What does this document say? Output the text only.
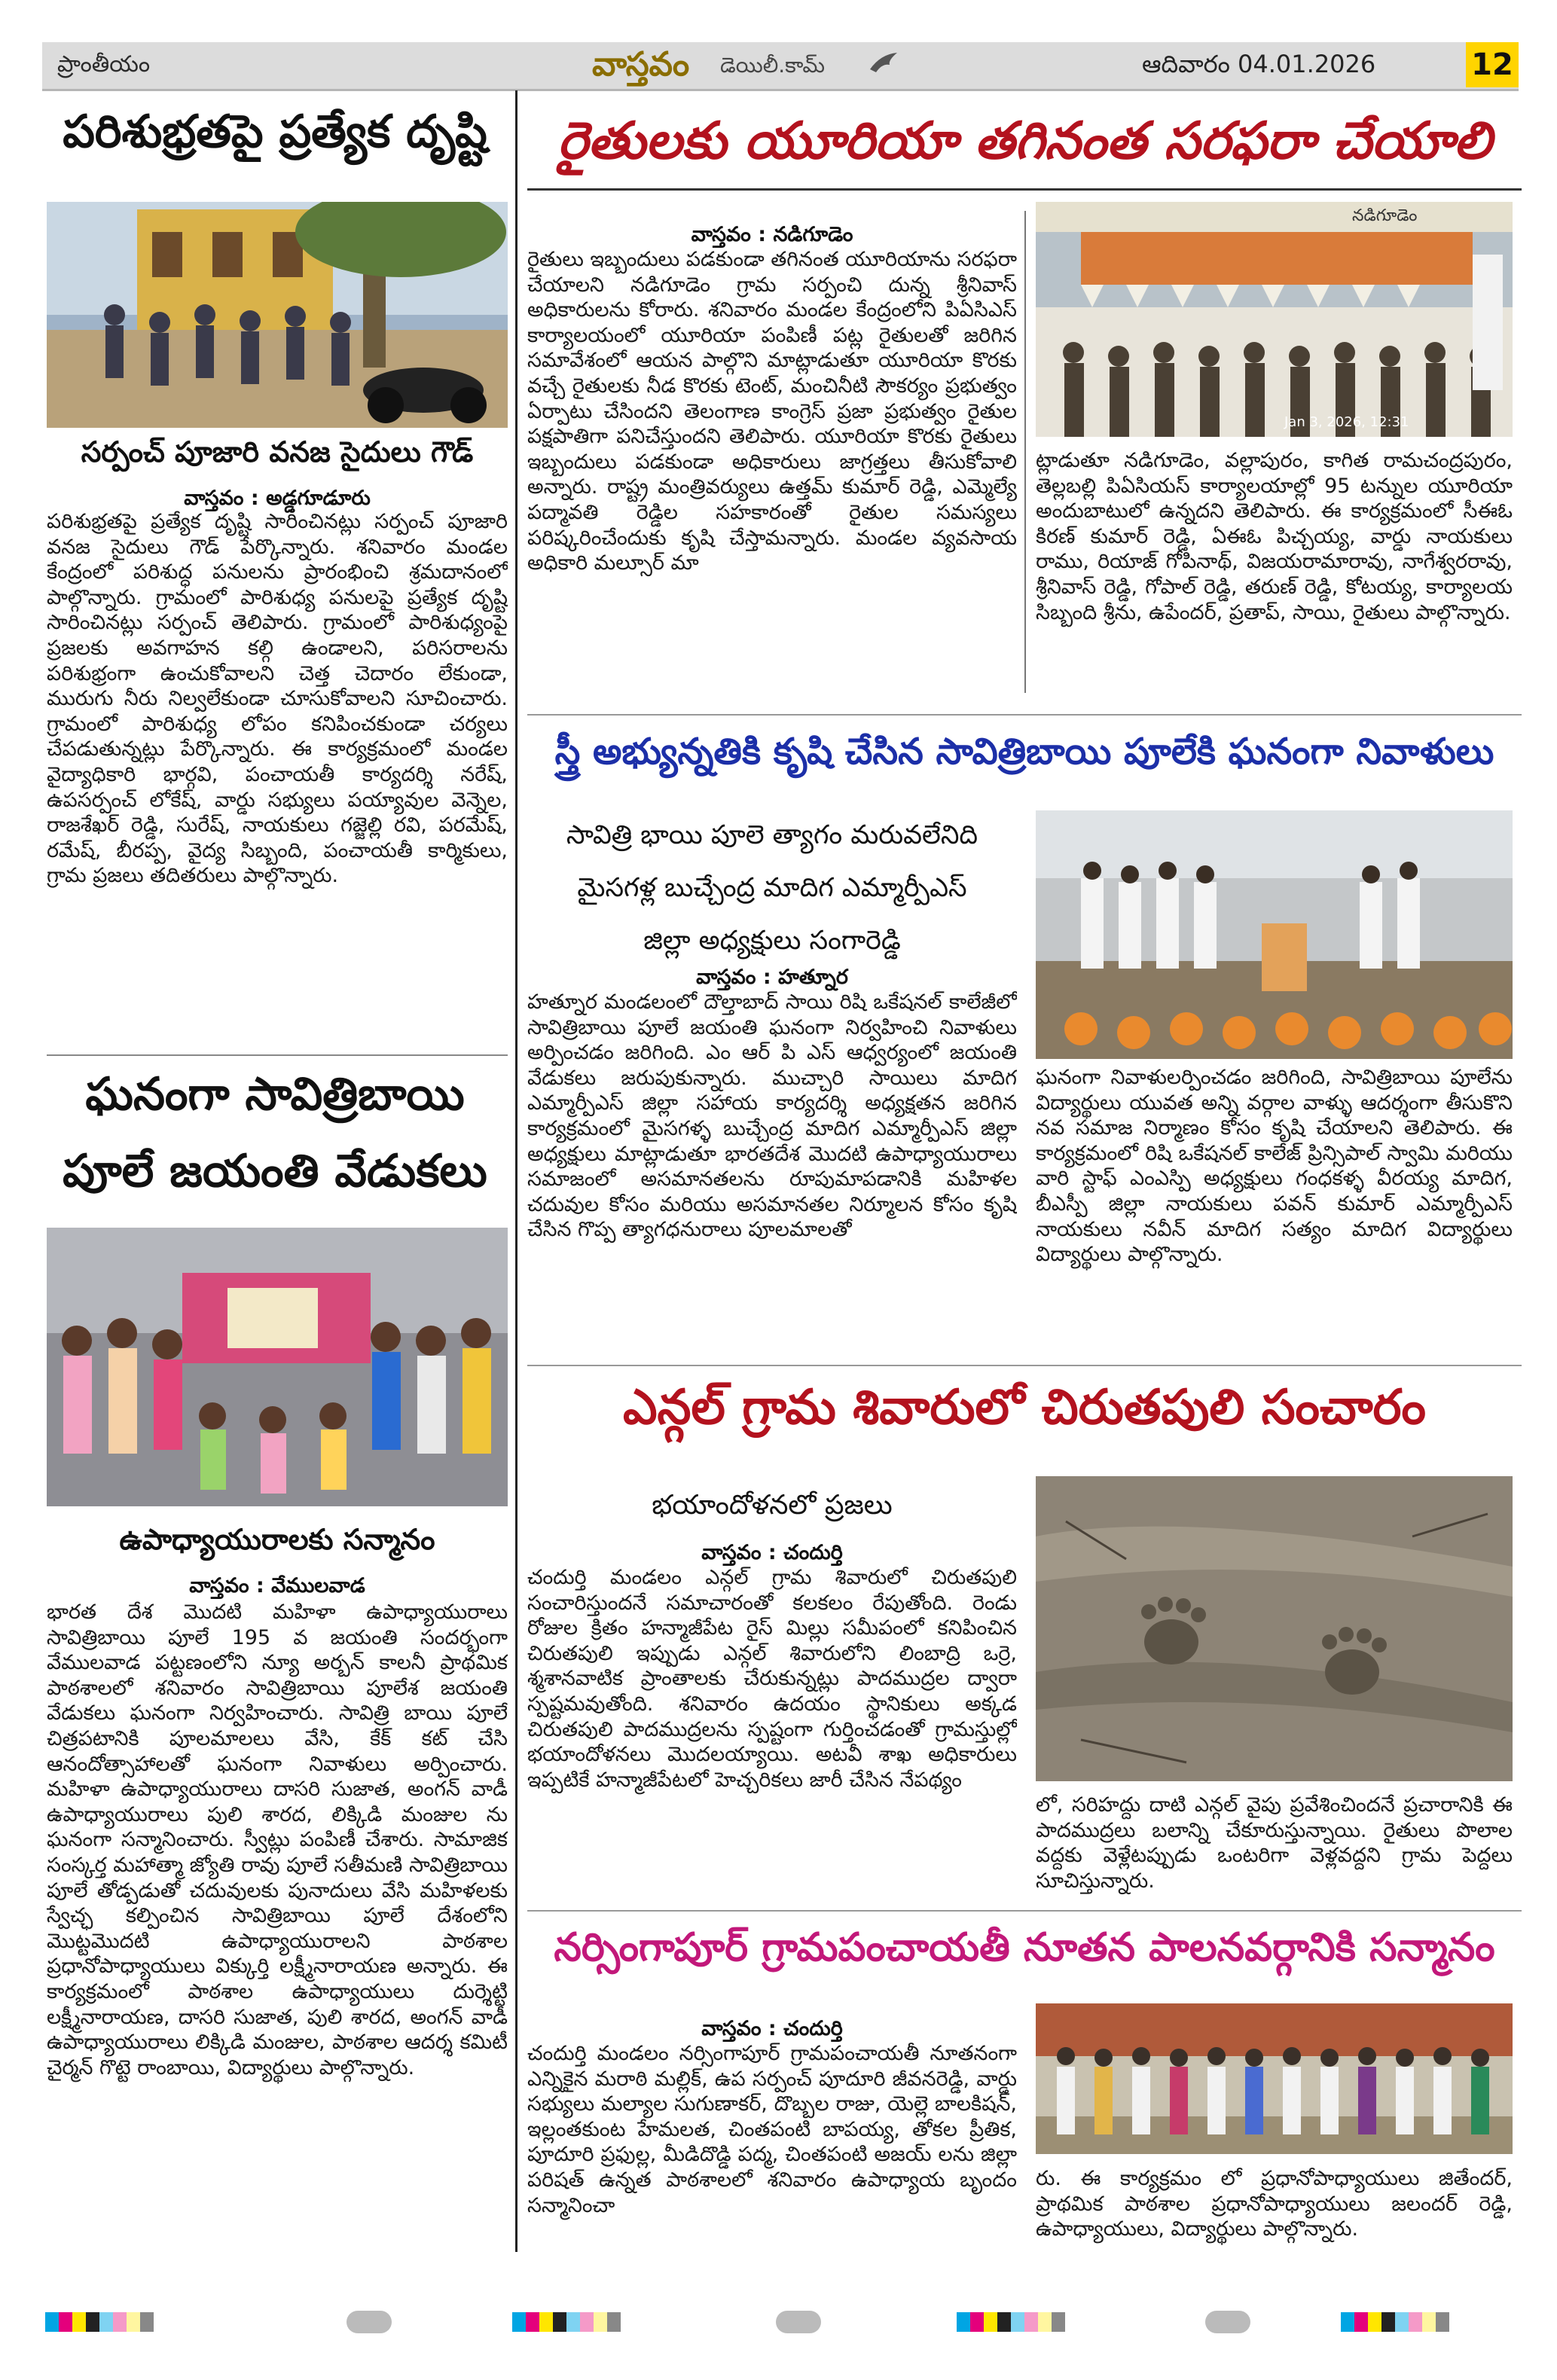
ప్రాంతీయం	వాస్తవం డెయిలీ.కామ్	ఆదివారం 04.01.2026	12
పరిశుభ్రతపై ప్రత్యేక దృష్టి
సర్పంచ్ పూజారి వనజ సైదులు గౌడ్
వాస్తవం : అడ్డగూడూరు
పరిశుభ్రతపై ప్రత్యేక దృష్టి సారించినట్లు సర్పంచ్ పూజారి వనజ సైదులు గౌడ్ పేర్కొన్నారు. శనివారం మండల కేంద్రంలో పరిశుద్ధ పనులను ప్రారంభించి శ్రమదానంలో పాల్గొన్నారు. గ్రామంలో పారిశుధ్య పనులపై ప్రత్యేక దృష్టి సారించినట్లు సర్పంచ్ తెలిపారు. గ్రామంలో పారిశుధ్యంపై ప్రజలకు అవగాహన కల్గి ఉండాలని, పరిసరాలను పరిశుభ్రంగా ఉంచుకోవాలని చెత్త చెదారం లేకుండా, మురుగు నీరు నిల్వలేకుండా చూసుకోవాలని సూచించారు. గ్రామంలో పారిశుధ్య లోపం కనిపించకుండా చర్యలు చేపడుతున్నట్లు పేర్కొన్నారు. ఈ కార్యక్రమంలో మండల వైద్యాధికారి భార్గవి, పంచాయతీ కార్యదర్శి నరేష్, ఉపసర్పంచ్ లోకేష్, వార్డు సభ్యులు పయ్యావుల వెన్నెల, రాజశేఖర్ రెడ్డి, సురేష్, నాయకులు గజ్జెల్లి రవి, పరమేష్, రమేష్, బీరప్ప, వైద్య సిబ్బంది, పంచాయతీ కార్మికులు, గ్రామ ప్రజలు తదితరులు పాల్గొన్నారు.
ఘనంగా సావిత్రిబాయి
పూలే జయంతి వేడుకలు
ఉపాధ్యాయురాలకు సన్మానం
వాస్తవం : వేములవాడ
భారత దేశ మొదటి మహిళా ఉపాధ్యాయురాలు సావిత్రిబాయి పూలే 195 వ జయంతి సందర్భంగా వేములవాడ పట్టణంలోని న్యూ అర్బన్ కాలనీ ప్రాథమిక పాఠశాలలో శనివారం సావిత్రిబాయి పూలేశ జయంతి వేడుకలు ఘనంగా నిర్వహించారు. సావిత్రి బాయి పూలే చిత్రపటానికి పూలమాలలు వేసి, కేక్ కట్ చేసి ఆనందోత్సాహాలతో ఘనంగా నివాళులు అర్పించారు. మహిళా ఉపాధ్యాయురాలు దాసరి సుజాత, అంగన్ వాడీ ఉపాధ్యాయురాలు పులి శారద, లిక్కిడి మంజుల ను ఘనంగా సన్మానించారు. స్వీట్లు పంపిణీ చేశారు. సామాజిక సంస్కర్త మహాత్మా జ్యోతి రావు పూలే సతీమణి సావిత్రిబాయి పూలే తోడ్పడుతో చదువులకు పునాదులు వేసి మహిళలకు స్వేచ్ఛ కల్పించిన సావిత్రిబాయి పూలే దేశంలోని మొట్టమొదటి ఉపాధ్యాయురాలని పాఠశాల ప్రధానోపాధ్యాయులు విక్కుర్తి లక్ష్మీనారాయణ అన్నారు. ఈ కార్యక్రమంలో పాఠశాల ఉపాధ్యాయులు దుర్శెట్టి లక్ష్మీనారాయణ, దాసరి సుజాత, పులి శారద, అంగన్ వాడీ ఉపాధ్యాయురాలు లిక్కిడి మంజుల, పాఠశాల ఆదర్శ కమిటీ చైర్మన్ గొట్టె రాంబాయి, విద్యార్థులు పాల్గొన్నారు.
రైతులకు యూరియా తగినంత సరఫరా చేయాలి
వాస్తవం : నడిగూడెం
రైతులు ఇబ్బందులు పడకుండా తగినంత యూరియాను సరఫరా చేయాలని నడిగూడెం గ్రామ సర్పంచి దున్న శ్రీనివాస్ అధికారులను కోరారు. శనివారం మండల కేంద్రంలోని పిఏసిఎస్ కార్యాలయంలో యూరియా పంపిణీ పట్ల రైతులతో జరిగిన సమావేశంలో ఆయన పాల్గొని మాట్లాడుతూ యూరియా కొరకు వచ్చే రైతులకు నీడ కొరకు టెంట్, మంచినీటి సౌకర్యం ప్రభుత్వం ఏర్పాటు చేసిందని తెలంగాణ కాంగ్రెస్ ప్రజా ప్రభుత్వం రైతుల పక్షపాతిగా పనిచేస్తుందని తెలిపారు. యూరియా కొరకు రైతులు ఇబ్బందులు పడకుండా అధికారులు జాగ్రత్తలు తీసుకోవాలి అన్నారు. రాష్ట్ర మంత్రివర్యులు ఉత్తమ్ కుమార్ రెడ్డి, ఎమ్మెల్యే పద్మావతి రెడ్డిల సహకారంతో రైతుల సమస్యలు పరిష్కరించేందుకు కృషి చేస్తామన్నారు. మండల వ్యవసాయ అధికారి మల్సూర్ మా
నడిగూడెం
Jan 3, 2026, 12:31
ట్లాడుతూ నడిగూడెం, వల్లాపురం, కాగిత రామచంద్రపురం, తెల్లబల్లి పిఏసియస్ కార్యాలయాల్లో 95 టన్నుల యూరియా అందుబాటులో ఉన్నదని తెలిపారు. ఈ కార్యక్రమంలో సీఈఓ కిరణ్ కుమార్ రెడ్డి, ఏఈఓ పిచ్చయ్య, వార్డు నాయకులు రాము, రియాజ్ గోపినాథ్, విజయరామారావు, నాగేశ్వరరావు, శ్రీనివాస్ రెడ్డి, గోపాల్ రెడ్డి, తరుణ్ రెడ్డి, కోటయ్య, కార్యాలయ సిబ్బంది శ్రీను, ఉపేందర్, ప్రతాప్, సాయి, రైతులు పాల్గొన్నారు.
స్త్రీ అభ్యున్నతికి కృషి చేసిన సావిత్రిబాయి పూలేకి ఘనంగా నివాళులు
సావిత్రి భాయి పూలె త్యాగం మరువలేనిది
మైసగళ్ల బుచ్చేంద్ర మాదిగ ఎమ్మార్పీఎస్
జిల్లా అధ్యక్షులు సంగారెడ్డి
వాస్తవం : హత్నూర
హత్నూర మండలంలో దౌల్తాబాద్ సాయి రిషి ఒకేషనల్ కాలేజీలో సావిత్రిబాయి పూలే జయంతి ఘనంగా నిర్వహించి నివాళులు అర్పించడం జరిగింది. ఎం ఆర్ పి ఎస్ ఆధ్వర్యంలో జయంతి వేడుకలు జరుపుకున్నారు. ముచ్చారి సాయిలు మాదిగ ఎమ్మార్పీఎస్ జిల్లా సహాయ కార్యదర్శి అధ్యక్షతన జరిగిన కార్యక్రమంలో మైసగళ్ళ బుచ్చేంద్ర మాదిగ ఎమ్మార్పీఎస్ జిల్లా అధ్యక్షులు మాట్లాడుతూ భారతదేశ మొదటి ఉపాధ్యాయురాలు సమాజంలో అసమానతలను రూపుమాపడానికి మహిళల చదువుల కోసం మరియు అసమానతల నిర్మూలన కోసం కృషి చేసిన గొప్ప త్యాగధనురాలు పూలమాలతో
ఘనంగా నివాళులర్పించడం జరిగింది, సావిత్రిబాయి పూలేను విద్యార్థులు యువత అన్ని వర్గాల వాళ్ళు ఆదర్శంగా తీసుకొని నవ సమాజ నిర్మాణం కోసం కృషి చేయాలని తెలిపారు. ఈ కార్యక్రమంలో రిషి ఒకేషనల్ కాలేజ్ ప్రిన్సిపాల్ స్వామి మరియు వారి స్టాఫ్ ఎంఎస్పి అధ్యక్షులు గంధకళ్ళ వీరయ్య మాదిగ, బీఎస్పీ జిల్లా నాయకులు పవన్ కుమార్ ఎమ్మార్పీఎస్ నాయకులు నవీన్ మాదిగ సత్యం మాదిగ విద్యార్థులు విద్యార్థులు పాల్గొన్నారు.
ఎన్గల్ గ్రామ శివారులో చిరుతపులి సంచారం
భయాందోళనలో ప్రజలు
వాస్తవం : చందుర్తి
చందుర్తి మండలం ఎన్గల్ గ్రామ శివారులో చిరుతపులి సంచారిస్తుందనే సమాచారంతో కలకలం రేపుతోంది. రెండు రోజుల క్రితం హన్మాజీపేట రైస్ మిల్లు సమీపంలో కనిపించిన చిరుతపులి ఇప్పుడు ఎన్గల్ శివారులోని లింబాద్రి ఒర్రె, శ్మశానవాటిక ప్రాంతాలకు చేరుకున్నట్లు పాదముద్రల ద్వారా స్పష్టమవుతోంది. శనివారం ఉదయం స్థానికులు అక్కడ చిరుతపులి పాదముద్రలను స్పష్టంగా గుర్తించడంతో గ్రామస్తుల్లో భయాందోళనలు మొదలయ్యాయి. అటవీ శాఖ అధికారులు ఇప్పటికే హన్మాజీపేటలో హెచ్చరికలు జారీ చేసిన నేపథ్యం
లో, సరిహద్దు దాటి ఎన్గల్ వైపు ప్రవేశించిందనే ప్రచారానికి ఈ పాదముద్రలు బలాన్ని చేకూరుస్తున్నాయి. రైతులు పొలాల వద్దకు వెళ్లేటప్పుడు ఒంటరిగా వెళ్లవద్దని గ్రామ పెద్దలు సూచిస్తున్నారు.
నర్సింగాపూర్ గ్రామపంచాయతీ నూతన పాలనవర్గానికి సన్మానం
వాస్తవం : చందుర్తి
చందుర్తి మండలం నర్సింగాపూర్ గ్రామపంచాయతీ నూతనంగా ఎన్నికైన మరాఠి మల్లిక్, ఉప సర్పంచ్ పూదూరి జీవనరెడ్డి, వార్డు సభ్యులు మల్యాల సుగుణాకర్, దొబ్బల రాజు, యెల్లె బాలకిషన్, ఇల్లంతకుంట హేమలత, చింతపంటి బాపయ్య, తోకల ప్రీతిక, పూదూరి ప్రఫుల్ల, మీడిదొడ్డి పద్మ, చింతపంటి అజయ్ లను జిల్లా పరిషత్ ఉన్నత పాఠశాలలో శనివారం ఉపాధ్యాయ బృందం సన్మానించా
రు. ఈ కార్యక్రమం లో ప్రధానోపాధ్యాయులు జితేందర్, ప్రాథమిక పాఠశాల ప్రధానోపాధ్యాయులు జలందర్ రెడ్డి, ఉపాధ్యాయులు, విద్యార్థులు పాల్గొన్నారు.
